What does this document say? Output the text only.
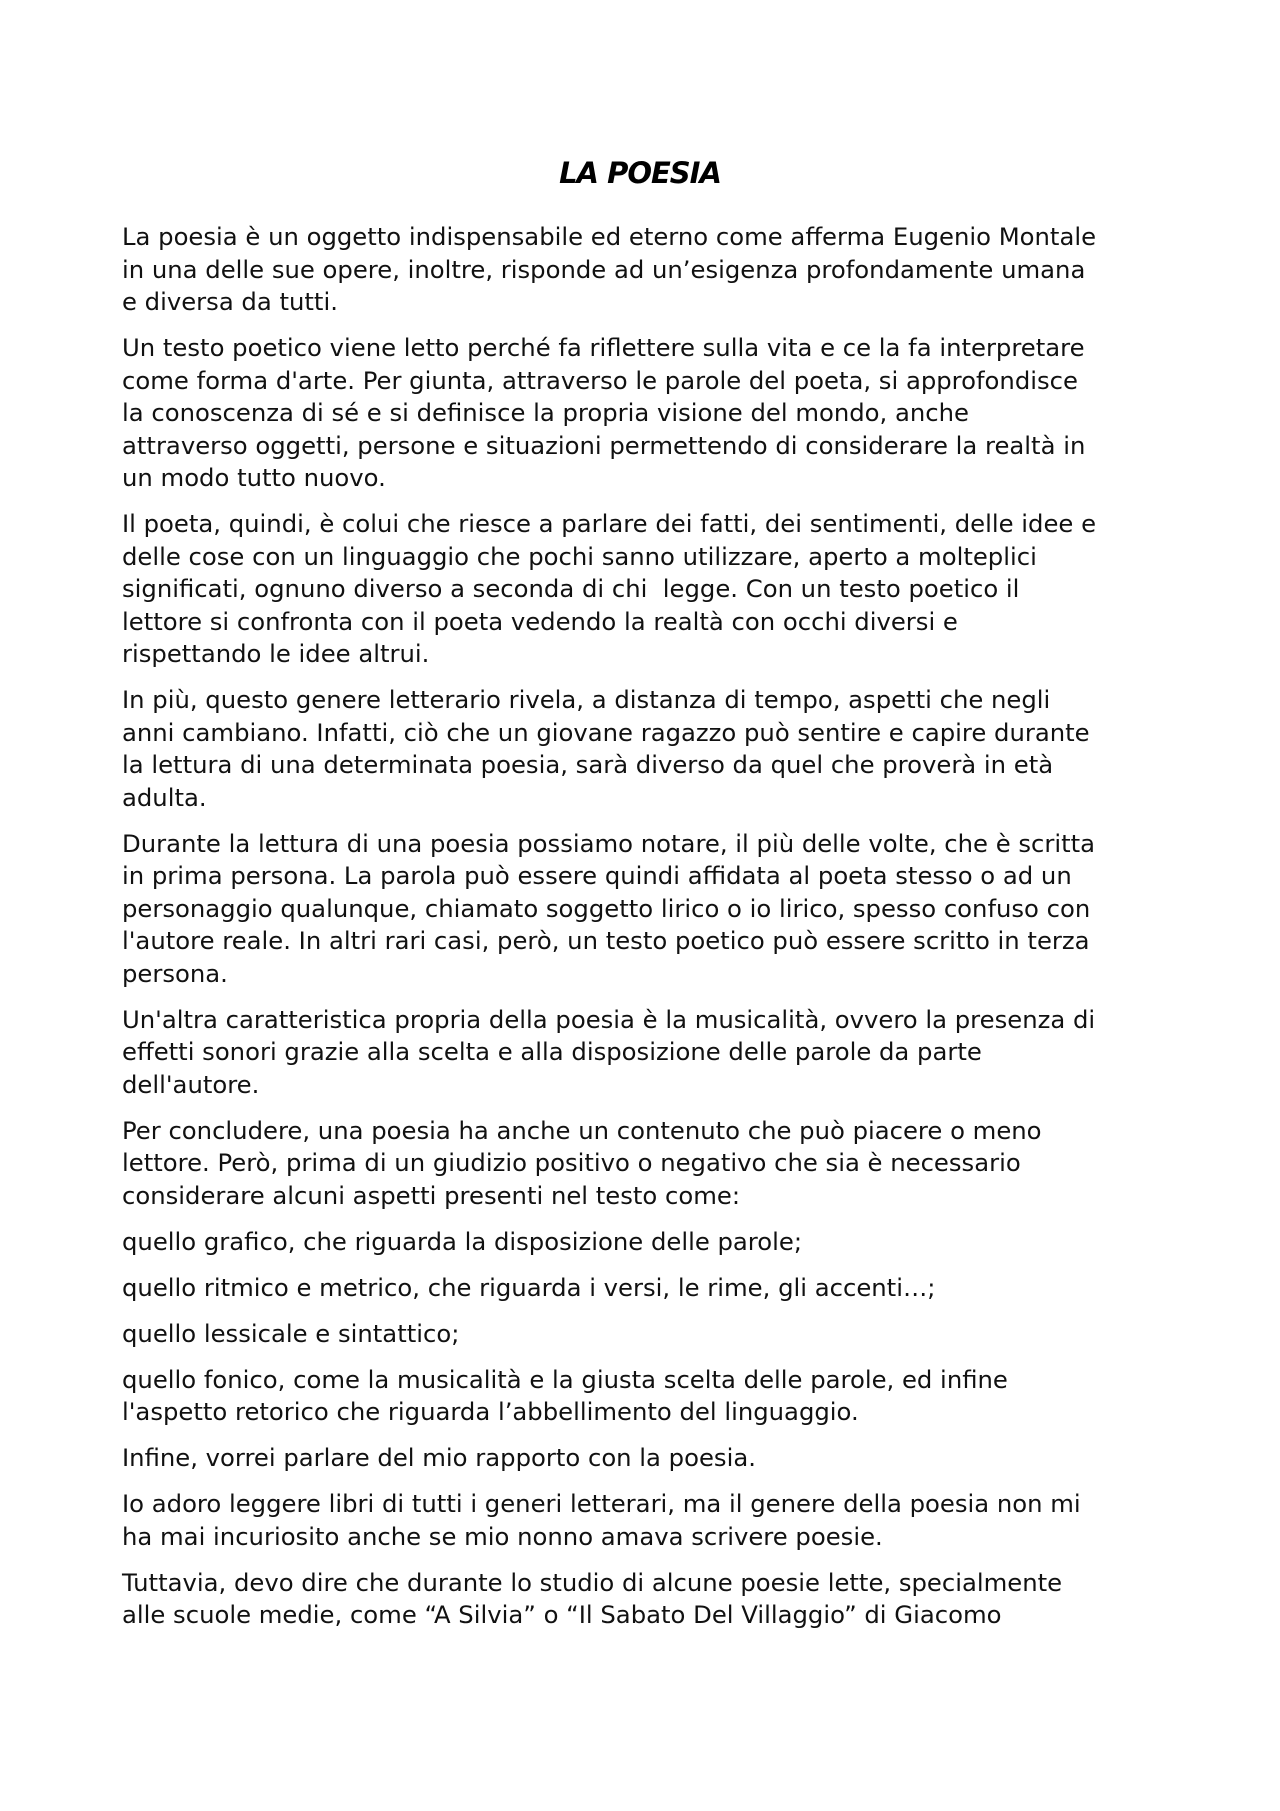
LA POESIA

La poesia è un oggetto indispensabile ed eterno come afferma Eugenio Montale
in una delle sue opere, inoltre, risponde ad un’esigenza profondamente umana
e diversa da tutti.

Un testo poetico viene letto perché fa riflettere sulla vita e ce la fa interpretare
come forma d'arte. Per giunta, attraverso le parole del poeta, si approfondisce
la conoscenza di sé e si definisce la propria visione del mondo, anche
attraverso oggetti, persone e situazioni permettendo di considerare la realtà in
un modo tutto nuovo.

Il poeta, quindi, è colui che riesce a parlare dei fatti, dei sentimenti, delle idee e
delle cose con un linguaggio che pochi sanno utilizzare, aperto a molteplici
significati, ognuno diverso a seconda di chi  legge. Con un testo poetico il
lettore si confronta con il poeta vedendo la realtà con occhi diversi e
rispettando le idee altrui.

In più, questo genere letterario rivela, a distanza di tempo, aspetti che negli
anni cambiano. Infatti, ciò che un giovane ragazzo può sentire e capire durante
la lettura di una determinata poesia, sarà diverso da quel che proverà in età
adulta.

Durante la lettura di una poesia possiamo notare, il più delle volte, che è scritta
in prima persona. La parola può essere quindi affidata al poeta stesso o ad un
personaggio qualunque, chiamato soggetto lirico o io lirico, spesso confuso con
l'autore reale. In altri rari casi, però, un testo poetico può essere scritto in terza
persona.

Un'altra caratteristica propria della poesia è la musicalità, ovvero la presenza di
effetti sonori grazie alla scelta e alla disposizione delle parole da parte
dell'autore.

Per concludere, una poesia ha anche un contenuto che può piacere o meno
lettore. Però, prima di un giudizio positivo o negativo che sia è necessario
considerare alcuni aspetti presenti nel testo come:

quello grafico, che riguarda la disposizione delle parole;

quello ritmico e metrico, che riguarda i versi, le rime, gli accenti…;

quello lessicale e sintattico;

quello fonico, come la musicalità e la giusta scelta delle parole, ed infine
l'aspetto retorico che riguarda l’abbellimento del linguaggio.

Infine, vorrei parlare del mio rapporto con la poesia.

Io adoro leggere libri di tutti i generi letterari, ma il genere della poesia non mi
ha mai incuriosito anche se mio nonno amava scrivere poesie.

Tuttavia, devo dire che durante lo studio di alcune poesie lette, specialmente
alle scuole medie, come “A Silvia” o “Il Sabato Del Villaggio” di Giacomo
